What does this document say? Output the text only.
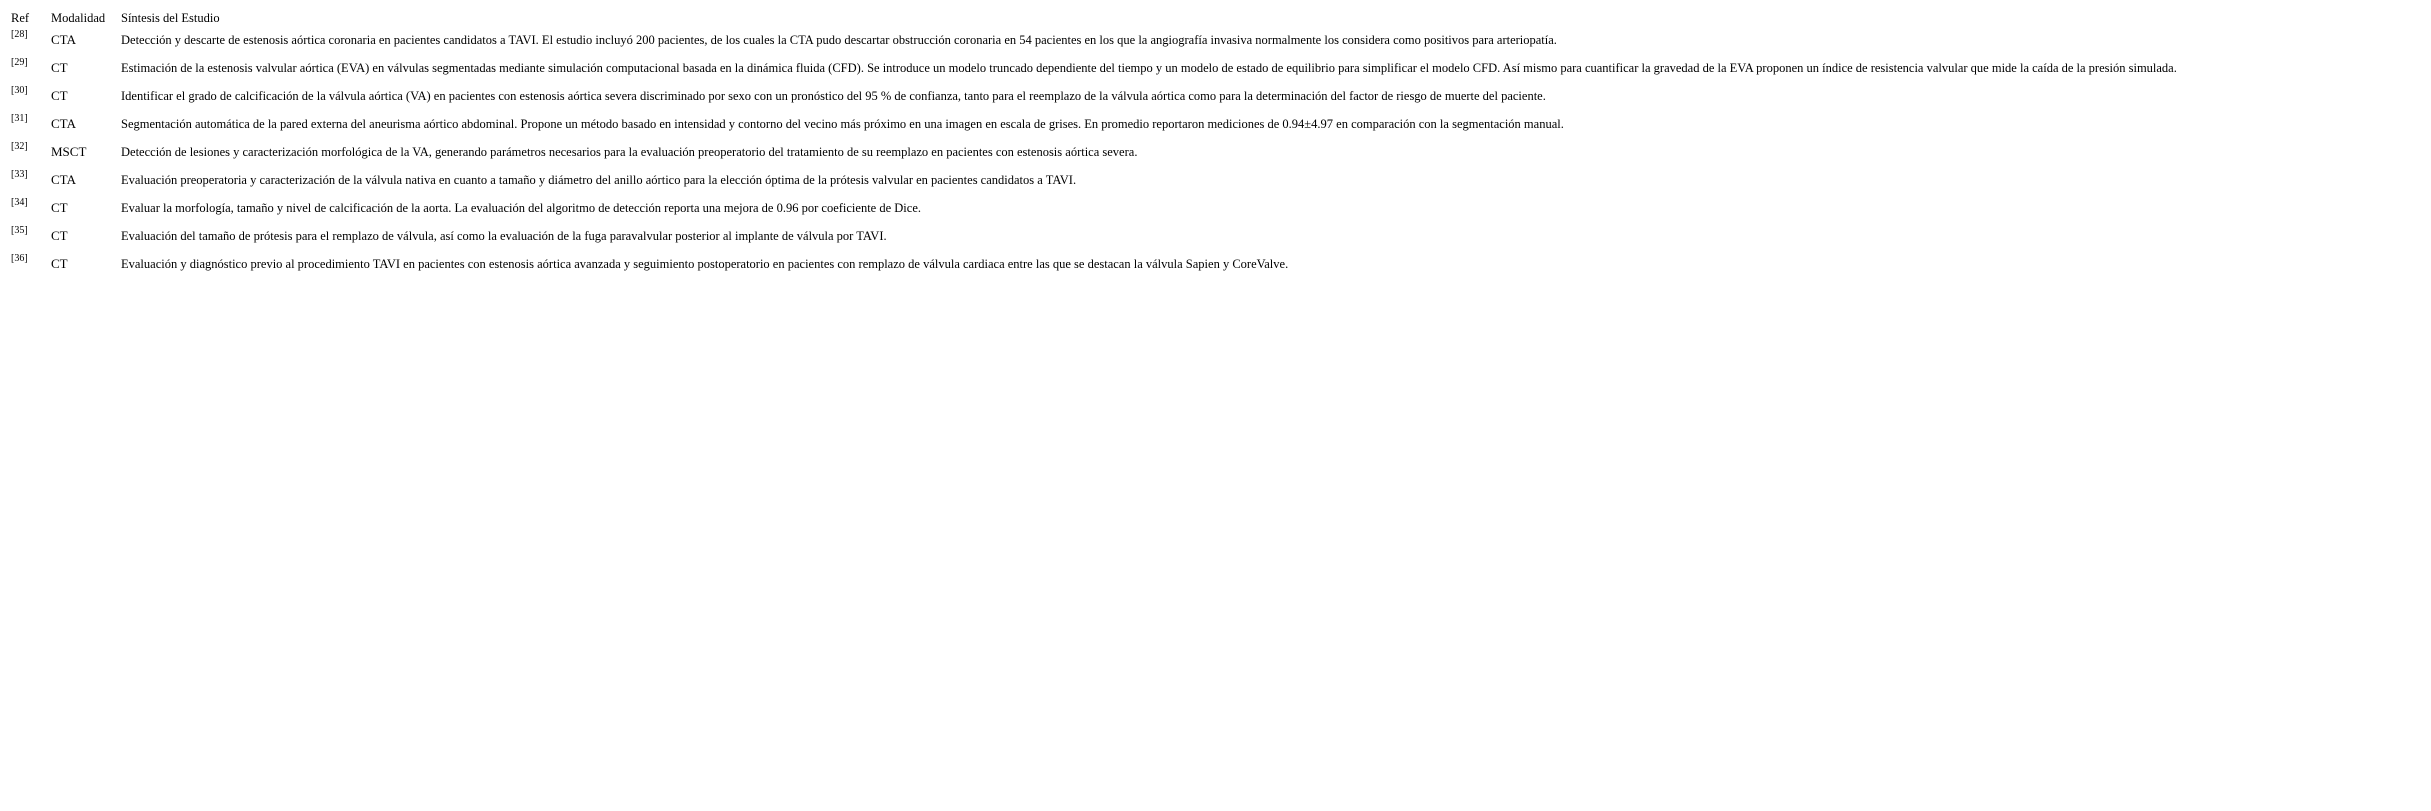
Ref	Modalidad	Síntesis del Estudio
[28]	CTA	Detección y descarte de estenosis aórtica coronaria en pacientes candidatos a TAVI. El estudio incluyó 200 pacientes, de los cuales la CTA pudo descartar obstrucción coronaria en 54 pacientes en los que la angiografía invasiva normalmente los considera como positivos para arteriopatía.
[29]	CT	Estimación de la estenosis valvular aórtica (EVA) en válvulas segmentadas mediante simulación computacional basada en la dinámica fluida (CFD). Se introduce un modelo truncado dependiente del tiempo y un modelo de estado de equilibrio para simplificar el modelo CFD. Así mismo para cuantificar la gravedad de la EVA proponen un índice de resistencia valvular que mide la caída de la presión simulada.
[30]	CT	Identificar el grado de calcificación de la válvula aórtica (VA) en pacientes con estenosis aórtica severa discriminado por sexo con un pronóstico del 95 % de confianza, tanto para el reemplazo de la válvula aórtica como para la determinación del factor de riesgo de muerte del paciente.
[31]	CTA	Segmentación automática de la pared externa del aneurisma aórtico abdominal. Propone un método basado en intensidad y contorno del vecino más próximo en una imagen en escala de grises. En promedio reportaron mediciones de 0.94±4.97 en comparación con la segmentación manual.
[32]	MSCT	Detección de lesiones y caracterización morfológica de la VA, generando parámetros necesarios para la evaluación preoperatorio del tratamiento de su reemplazo en pacientes con estenosis aórtica severa.
[33]	CTA	Evaluación preoperatoria y caracterización de la válvula nativa en cuanto a tamaño y diámetro del anillo aórtico para la elección óptima de la prótesis valvular en pacientes candidatos a TAVI.
[34]	CT	Evaluar la morfología, tamaño y nivel de calcificación de la aorta. La evaluación del algoritmo de detección reporta una mejora de 0.96 por coeficiente de Dice.
[35]	CT	Evaluación del tamaño de prótesis para el remplazo de válvula, así como la evaluación de la fuga paravalvular posterior al implante de válvula por TAVI.
[36]	CT	Evaluación y diagnóstico previo al procedimiento TAVI en pacientes con estenosis aórtica avanzada y seguimiento postoperatorio en pacientes con remplazo de válvula cardiaca entre las que se destacan la válvula Sapien y CoreValve.
